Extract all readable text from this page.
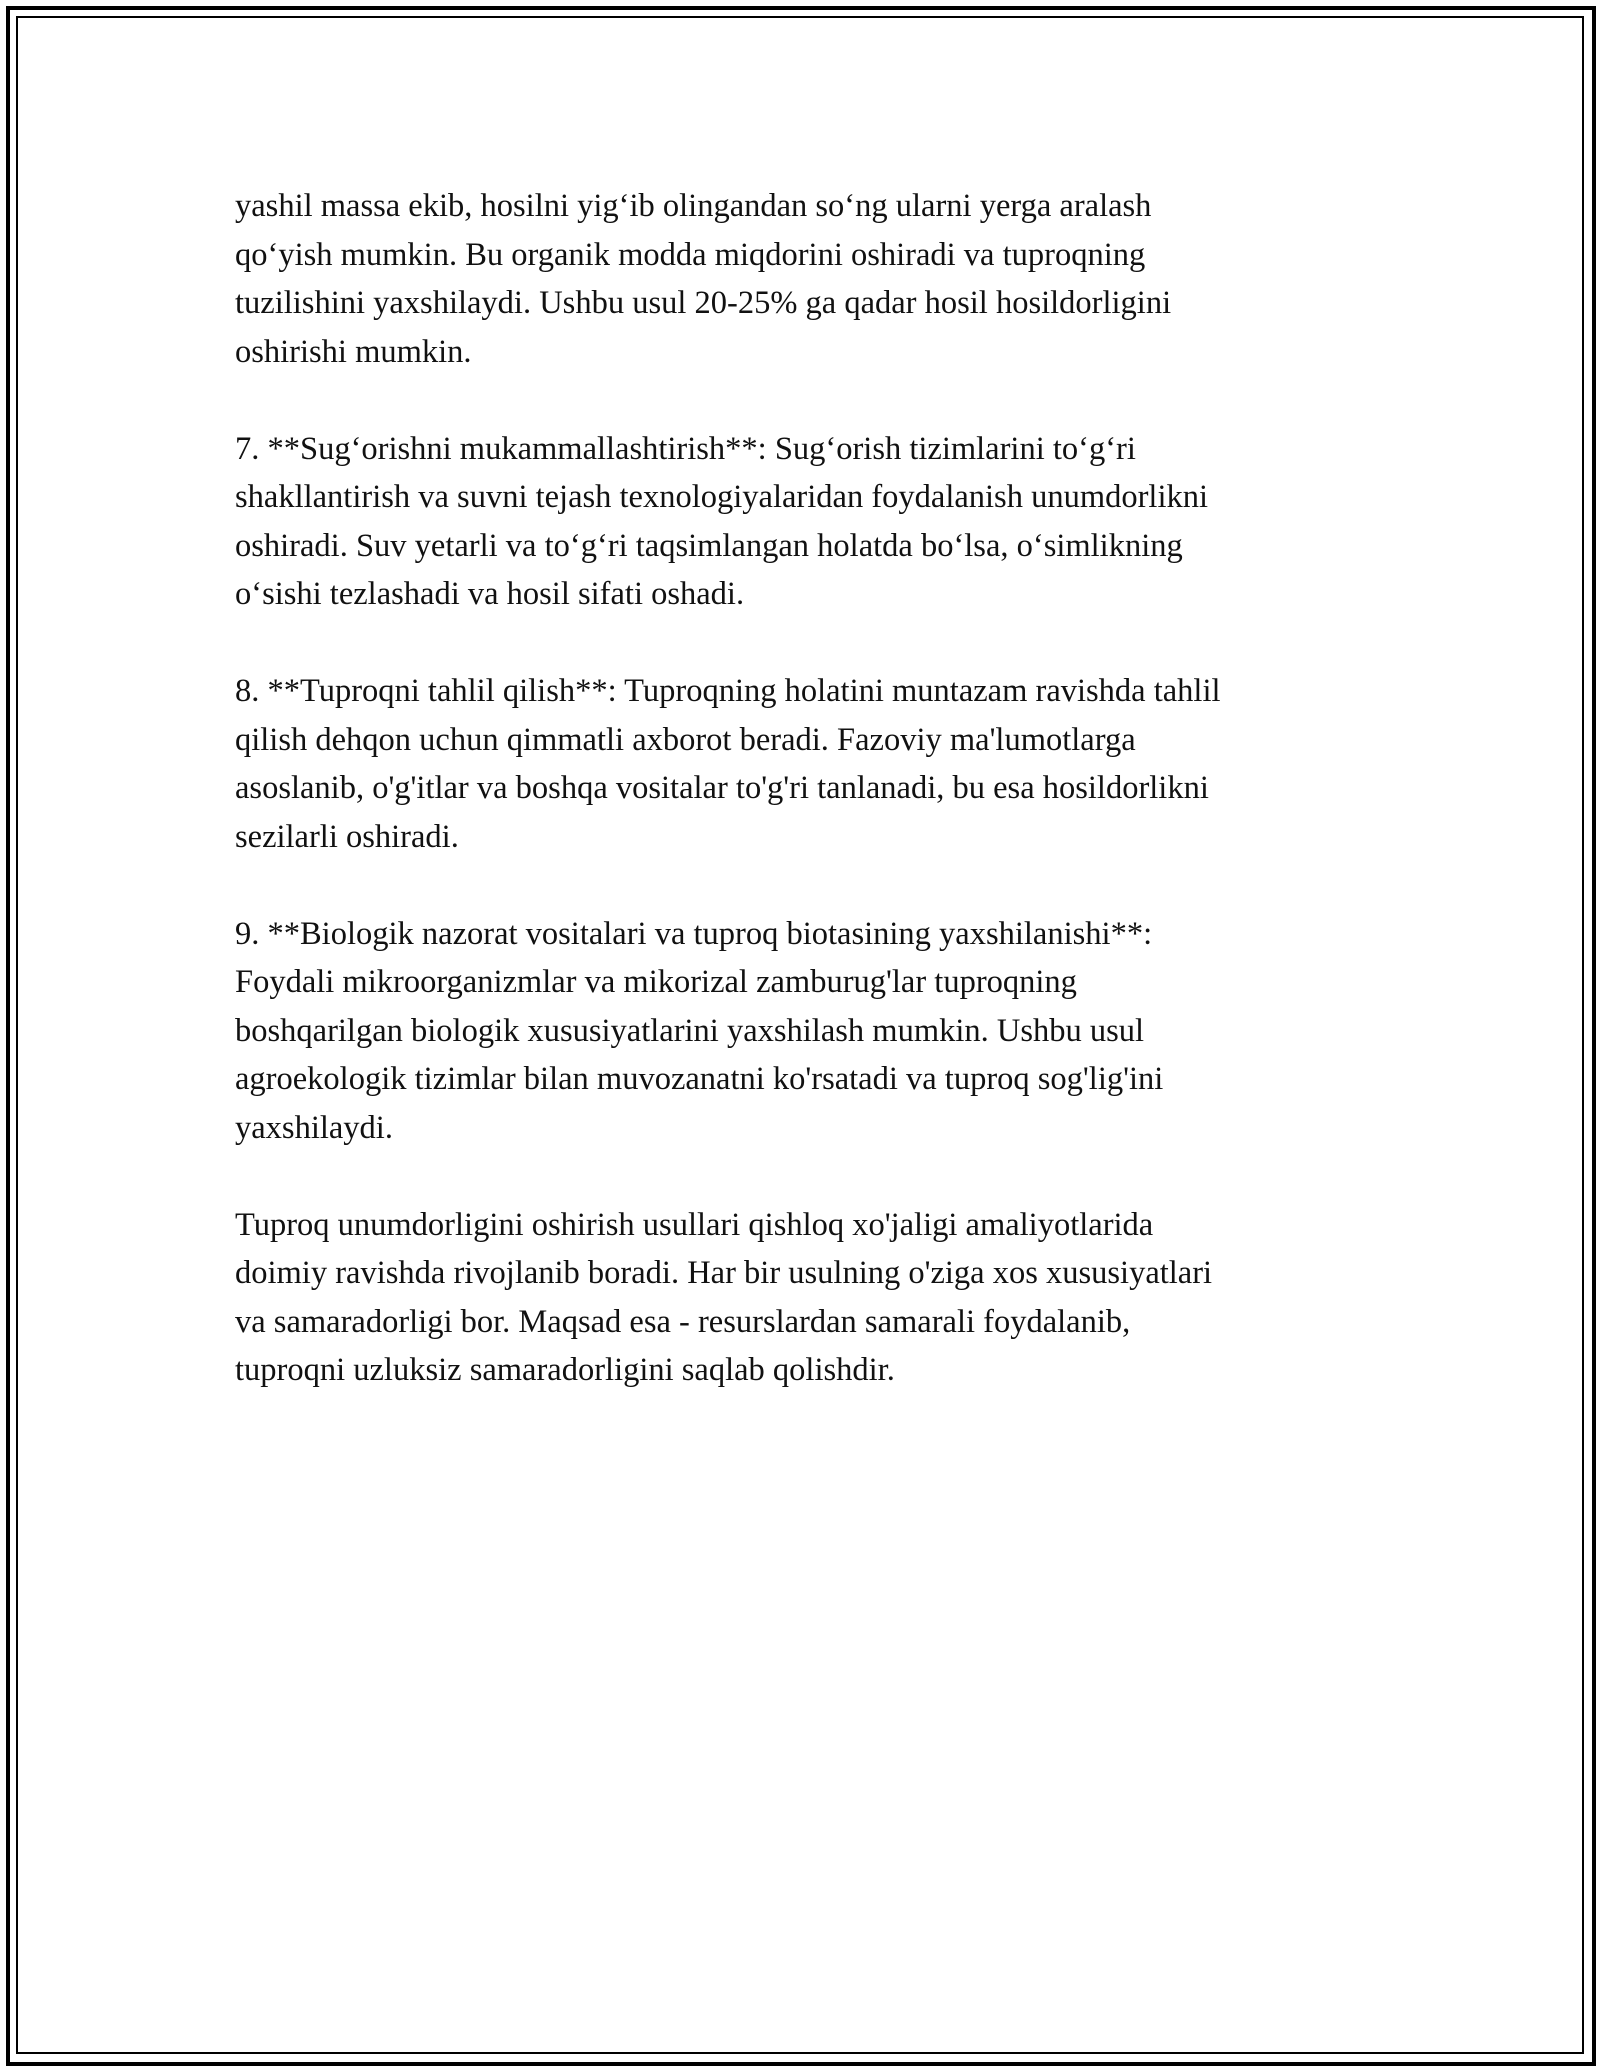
yashil massa ekib, hosilni yig‘ib olingandan so‘ng ularni yerga aralash
qo‘yish mumkin. Bu organik modda miqdorini oshiradi va tuproqning
tuzilishini yaxshilaydi. Ushbu usul 20-25% ga qadar hosil hosildorligini
oshirishi mumkin.

7. **Sug‘orishni mukammallashtirish**: Sug‘orish tizimlarini to‘g‘ri
shakllantirish va suvni tejash texnologiyalaridan foydalanish unumdorlikni
oshiradi. Suv yetarli va to‘g‘ri taqsimlangan holatda bo‘lsa, o‘simlikning
o‘sishi tezlashadi va hosil sifati oshadi.

8. **Tuproqni tahlil qilish**: Tuproqning holatini muntazam ravishda tahlil
qilish dehqon uchun qimmatli axborot beradi. Fazoviy ma'lumotlarga
asoslanib, o'g'itlar va boshqa vositalar to'g'ri tanlanadi, bu esa hosildorlikni
sezilarli oshiradi.

9. **Biologik nazorat vositalari va tuproq biotasining yaxshilanishi**:
Foydali mikroorganizmlar va mikorizal zamburug'lar tuproqning
boshqarilgan biologik xususiyatlarini yaxshilash mumkin. Ushbu usul
agroekologik tizimlar bilan muvozanatni ko'rsatadi va tuproq sog'lig'ini
yaxshilaydi.

Tuproq unumdorligini oshirish usullari qishloq xo'jaligi amaliyotlarida
doimiy ravishda rivojlanib boradi. Har bir usulning o'ziga xos xususiyatlari
va samaradorligi bor. Maqsad esa - resurslardan samarali foydalanib,
tuproqni uzluksiz samaradorligini saqlab qolishdir.
